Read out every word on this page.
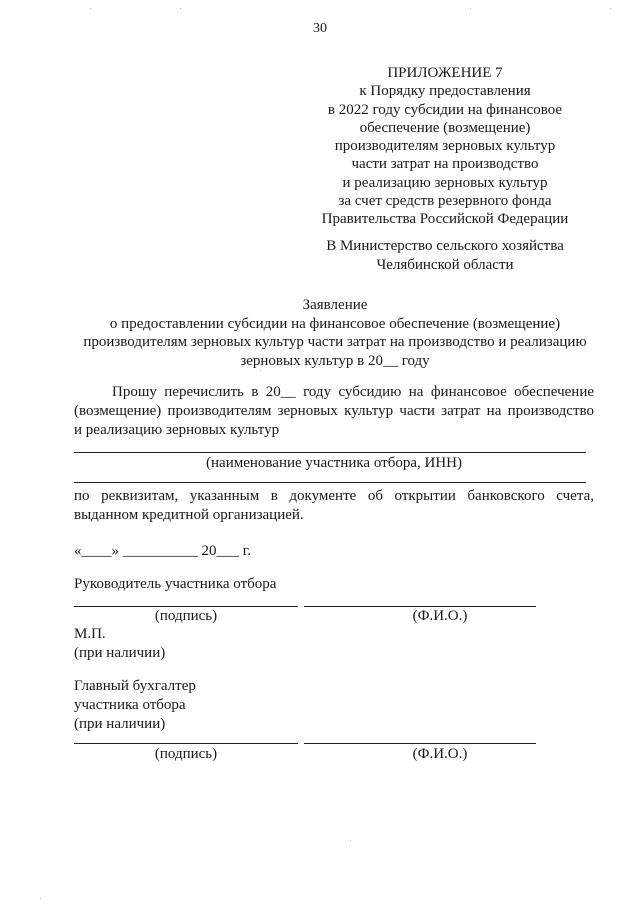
30
ПРИЛОЖЕНИЕ 7
к Порядку предоставления
в 2022 году субсидии на финансовое
обеспечение (возмещение)
производителям зерновых культур
части затрат на производство
и реализацию зерновых культур
за счет средств резервного фонда
Правительства Российской Федерации
В Министерство сельского хозяйства
Челябинской области
Заявление
о предоставлении субсидии на финансовое обеспечение (возмещение)
производителям зерновых культур части затрат на производство и реализацию
зерновых культур в 20__ году
Прошу перечислить в 20__ году субсидию на финансовое обеспечение
(возмещение) производителям зерновых культур части затрат на производство
и реализацию зерновых культур
(наименование участника отбора, ИНН)
по реквизитам, указанным в документе об открытии банковского счета,
выданном кредитной организацией.
«____» __________ 20___ г.
Руководитель участника отбора
(подпись)	(Ф.И.О.)
М.П.
(при наличии)
Главный бухгалтер
участника отбора
(при наличии)
(подпись)	(Ф.И.О.)
